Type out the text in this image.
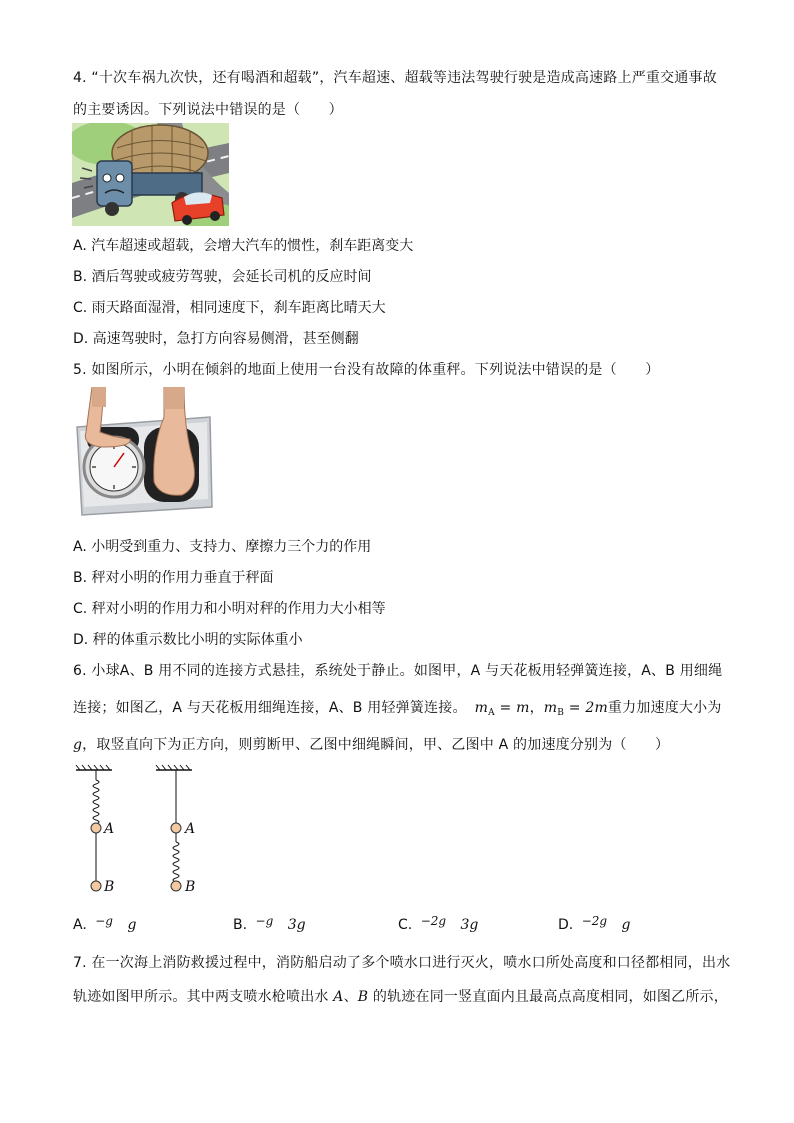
4. “十次车祸九次快，还有喝酒和超载”，汽车超速、超载等违法驾驶行驶是造成高速路上严重交通事故
的主要诱因。下列说法中错误的是（　　）
A. 汽车超速或超载，会增大汽车的惯性，刹车距离变大
B. 酒后驾驶或疲劳驾驶，会延长司机的反应时间
C. 雨天路面湿滑，相同速度下，刹车距离比晴天大
D. 高速驾驶时，急打方向容易侧滑，甚至侧翻
5. 如图所示，小明在倾斜的地面上使用一台没有故障的体重秤。下列说法中错误的是（　　）
A. 小明受到重力、支持力、摩擦力三个力的作用
B. 秤对小明的作用力垂直于秤面
C. 秤对小明的作用力和小明对秤的作用力大小相等
D. 秤的体重示数比小明的实际体重小
6. 小球A、B 用不同的连接方式悬挂，系统处于静止。如图甲，A 与天花板用轻弹簧连接，A、B 用细绳
连接；如图乙，A 与天花板用细绳连接，A、B 用轻弹簧连接。 $m_A = m$，$m_B = 2m$重力加速度大小为
g，取竖直向下为正方向，则剪断甲、乙图中细绳瞬间，甲、乙图中 A 的加速度分别为（　　）
A
B
A
B
A. −g g	B. −g 3g	C. −2g 3g	D. −2g g
7. 在一次海上消防救援过程中，消防船启动了多个喷水口进行灭火，喷水口所处高度和口径都相同，出水
轨迹如图甲所示。其中两支喷水枪喷出水 A、B 的轨迹在同一竖直面内且最高点高度相同，如图乙所示，
